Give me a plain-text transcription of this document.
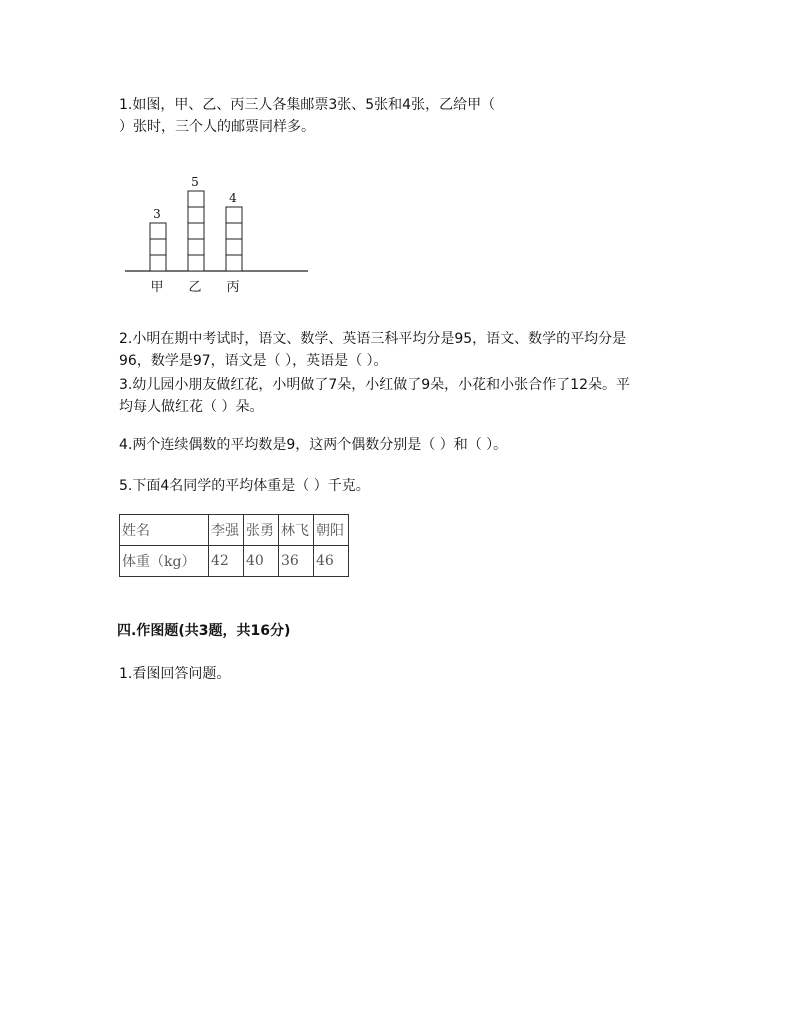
1.如图，甲、乙、丙三人各集邮票3张、5张和4张，乙给甲（
）张时，三个人的邮票同样多。
3
甲
5
乙
4
丙
2.小明在期中考试时，语文、数学、英语三科平均分是95，语文、数学的平均分是
96，数学是97，语文是（ ），英语是（ ）。
3.幼儿园小朋友做红花，小明做了7朵，小红做了9朵，小花和小张合作了12朵。平
均每人做红花（ ）朵。
4.两个连续偶数的平均数是9，这两个偶数分别是（ ）和（ ）。
5.下面4名同学的平均体重是（ ）千克。
姓名	李强	张勇	林飞	朝阳
体重（kg）	42	40	36	46
四.作图题(共3题，共16分)
1.看图回答问题。
